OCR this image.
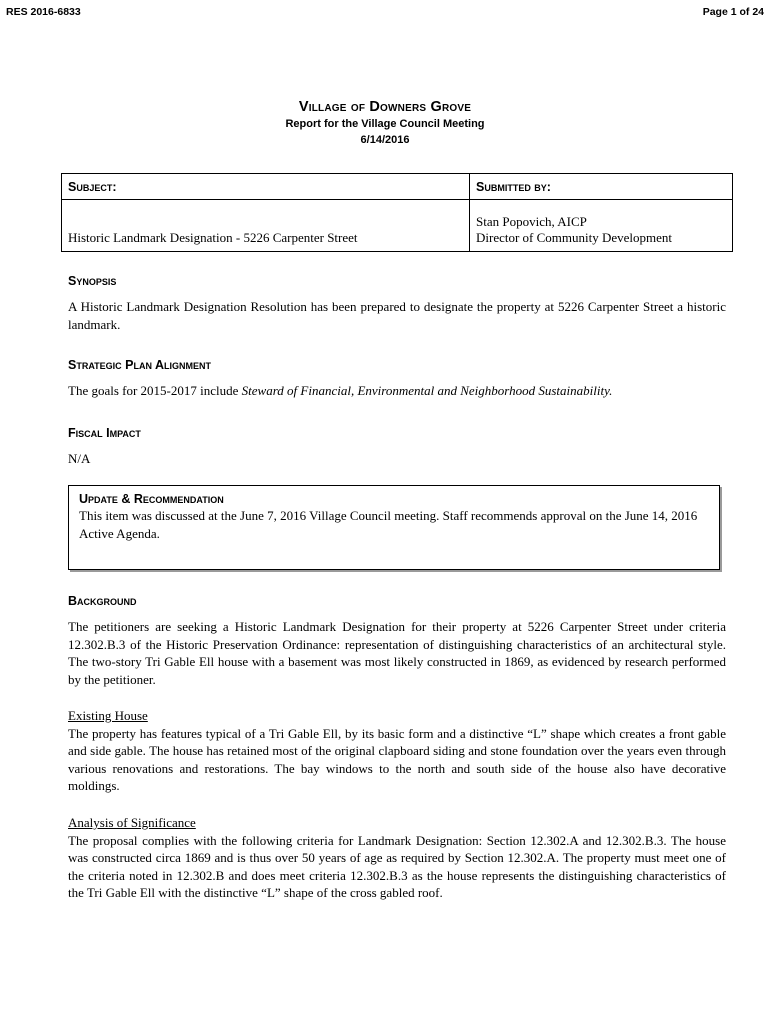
RES 2016-6833	Page 1 of 24
Village of Downers Grove
Report for the Village Council Meeting
6/14/2016
Subject:	Submitted by:
Historic Landmark Designation - 5226 Carpenter Street	Stan Popovich, AICP
Director of Community Development
Synopsis
A Historic Landmark Designation Resolution has been prepared to designate the property at 5226 Carpenter Street a historic landmark.
Strategic Plan Alignment
The goals for 2015-2017 include Steward of Financial, Environmental and Neighborhood Sustainability.
Fiscal Impact
N/A
Update & Recommendation
This item was discussed at the June 7, 2016 Village Council meeting. Staff recommends approval on the June 14, 2016 Active Agenda.
Background
The petitioners are seeking a Historic Landmark Designation for their property at 5226 Carpenter Street under criteria 12.302.B.3 of the Historic Preservation Ordinance: representation of distinguishing characteristics of an architectural style. The two-story Tri Gable Ell house with a basement was most likely constructed in 1869, as evidenced by research performed by the petitioner.
Existing House
The property has features typical of a Tri Gable Ell, by its basic form and a distinctive “L” shape which creates a front gable and side gable. The house has retained most of the original clapboard siding and stone foundation over the years even through various renovations and restorations. The bay windows to the north and south side of the house also have decorative moldings.
Analysis of Significance
The proposal complies with the following criteria for Landmark Designation: Section 12.302.A and 12.302.B.3. The house was constructed circa 1869 and is thus over 50 years of age as required by Section 12.302.A. The property must meet one of the criteria noted in 12.302.B and does meet criteria 12.302.B.3 as the house represents the distinguishing characteristics of the Tri Gable Ell with the distinctive “L” shape of the cross gabled roof.
